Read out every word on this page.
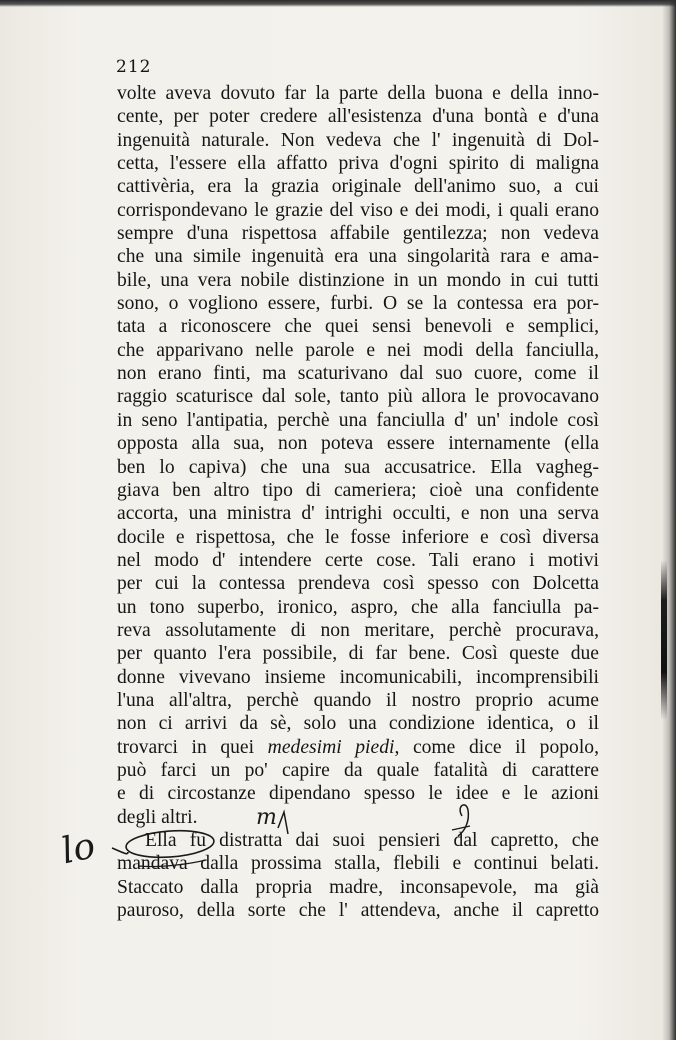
212
volte aveva dovuto far la parte della buona e della inno-
cente, per poter credere all'esistenza d'una bontà e d'una
ingenuità naturale. Non vedeva che l' ingenuità di Dol-
cetta, l'essere ella affatto priva d'ogni spirito di maligna
cattivèria, era la grazia originale dell'animo suo, a cui
corrispondevano le grazie del viso e dei modi, i quali erano
sempre d'una rispettosa affabile gentilezza; non vedeva
che una simile ingenuità era una singolarità rara e ama-
bile, una vera nobile distinzione in un mondo in cui tutti
sono, o vogliono essere, furbi. O se la contessa era por-
tata a riconoscere che quei sensi benevoli e semplici,
che apparivano nelle parole e nei modi della fanciulla,
non erano finti, ma scaturivano dal suo cuore, come il
raggio scaturisce dal sole, tanto più allora le provocavano
in seno l'antipatia, perchè una fanciulla d' un' indole così
opposta alla sua, non poteva essere internamente (ella
ben lo capiva) che una sua accusatrice. Ella vagheg-
giava ben altro tipo di cameriera; cioè una confidente
accorta, una ministra d' intrighi occulti, e non una serva
docile e rispettosa, che le fosse inferiore e così diversa
nel modo d' intendere certe cose. Tali erano i motivi
per cui la contessa prendeva così spesso con Dolcetta
un tono superbo, ironico, aspro, che alla fanciulla pa-
reva assolutamente di non meritare, perchè procurava,
per quanto l'era possibile, di far bene. Così queste due
donne vivevano insieme incomunicabili, incomprensibili
l'una all'altra, perchè quando il nostro proprio acume
non ci arrivi da sè, solo una condizione identica, o il
trovarci in quei medesimi piedi, come dice il popolo,
può farci un po' capire da quale fatalità di carattere
e di circostanze dipendano spesso le idee e le azioni
degli altri.
Ella fu distratta dai suoi pensieri dal capretto, che
mandava dalla prossima stalla, flebili e continui belati.
Staccato dalla propria madre, inconsapevole, ma già
pauroso, della sorte che l' attendeva, anche il capretto
lo
m
